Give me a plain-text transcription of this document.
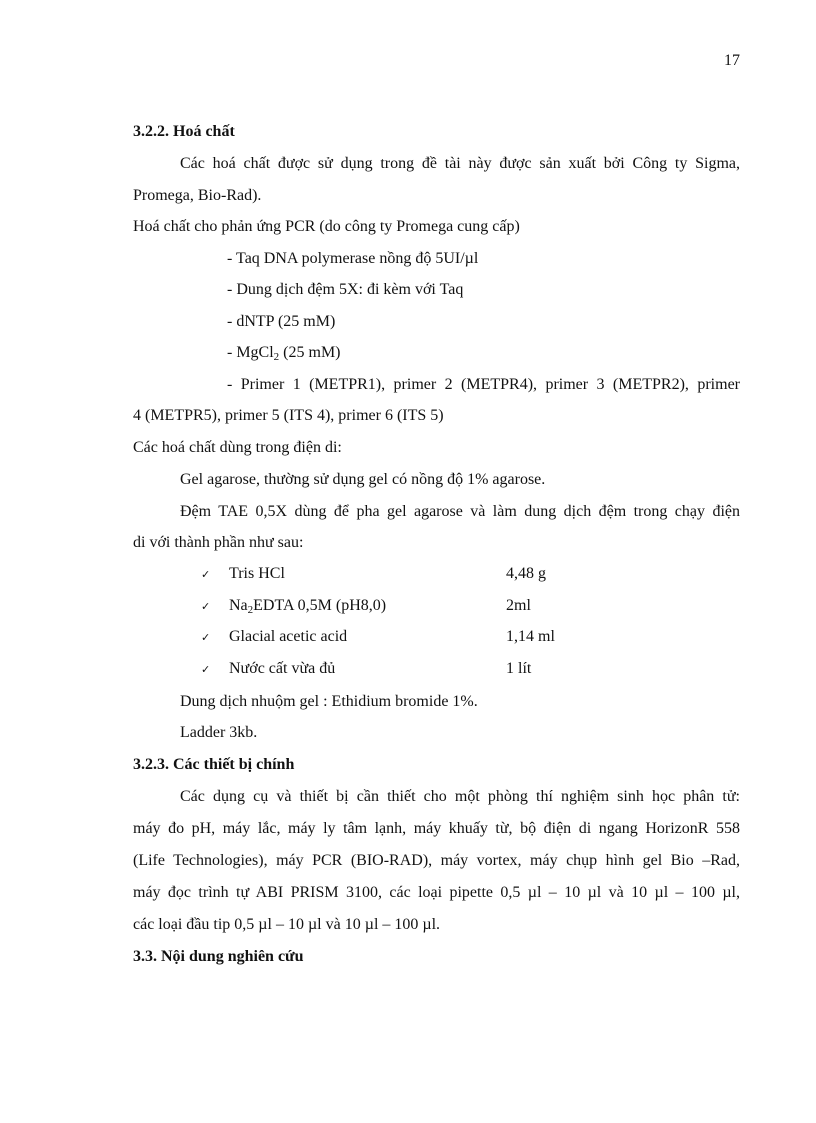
17
3.2.2. Hoá chất
Các hoá chất được sử dụng trong đề tài này được sản xuất bởi Công ty Sigma,
Promega, Bio-Rad).
Hoá chất cho phản ứng PCR (do công ty Promega cung cấp)
- Taq DNA polymerase nồng độ 5UI/µl
- Dung dịch đệm 5X: đi kèm với Taq
- dNTP (25 mM)
- MgCl$_2$ (25 mM)
- Primer 1 (METPR1), primer 2 (METPR4), primer 3 (METPR2), primer
4 (METPR5), primer 5 (ITS 4), primer 6 (ITS 5)
Các hoá chất dùng trong điện di:
Gel agarose, thường sử dụng gel có nồng độ 1% agarose.
Đệm TAE 0,5X dùng để pha gel agarose và làm dung dịch đệm trong chạy điện
di với thành phần như sau:
✓ Tris HCl	4,48 g
✓ $Na_2EDTA$ 0,5M (pH8,0)	2ml
✓ Glacial acetic acid	1,14 ml
✓ Nước cất vừa đủ	1 lít
Dung dịch nhuộm gel : Ethidium bromide 1%.
Ladder 3kb.
3.2.3. Các thiết bị chính
Các dụng cụ và thiết bị cần thiết cho một phòng thí nghiệm sinh học phân tử:
máy đo pH, máy lắc, máy ly tâm lạnh, máy khuấy từ, bộ điện di ngang HorizonR 558
(Life Technologies), máy PCR (BIO-RAD), máy vortex, máy chụp hình gel Bio –Rad,
máy đọc trình tự ABI PRISM 3100, các loại pipette 0,5 µl – 10 µl và 10 µl – 100 µl,
các loại đầu tip 0,5 µl – 10 µl và 10 µl – 100 µl.
3.3. Nội dung nghiên cứu
